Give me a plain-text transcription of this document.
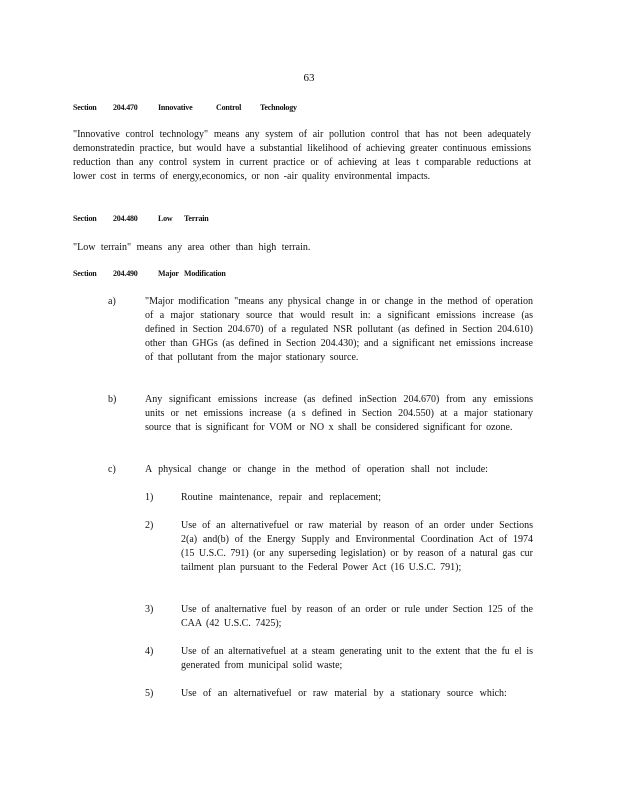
63
Section 204.470	Innovative	Control Technology
"Innovative control technology" means any system of air pollution control that has not been adequately demonstratedin practice, but would have a substantial likelihood of achieving greater continuous emissions reduction than any control system in current practice or of achieving at leas t comparable reductions at lower cost in terms of energy,economics, or non -air quality environmental impacts.
Section 204.480	Low Terrain
"Low terrain" means any area other than high terrain.
Section 204.490	Major Modification
a)	"Major modification "means any physical change in or change in the method of operation of a major stationary source that would result in: a significant emissions increase (as defined in Section 204.670) of a regulated NSR pollutant (as defined in Section 204.610) other than GHGs (as defined in Section 204.430); and a significant net emissions increase of that pollutant from the major stationary source.
b)	Any significant emissions increase (as defined inSection 204.670) from any emissions units or net emissions increase (a s defined in Section 204.550) at a major stationary source that is significant for VOM or NO x shall be considered significant for ozone.
c)	A physical change or change in the method of operation shall not include:
1)	Routine maintenance, repair and replacement;
2)	Use of an alternativefuel or raw material by reason of an order under Sections 2(a) and(b) of the Energy Supply and Environmental Coordination Act of 1974 (15 U.S.C. 791) (or any superseding legislation) or by reason of a natural gas cur tailment plan pursuant to the Federal Power Act (16 U.S.C. 791);
3)	Use of analternative fuel by reason of an order or rule under Section 125 of the CAA (42 U.S.C. 7425);
4)	Use of an alternativefuel at a steam generating unit to the extent that the fu el is generated from municipal solid waste;
5)	Use of an alternativefuel or raw material by a stationary source which:
